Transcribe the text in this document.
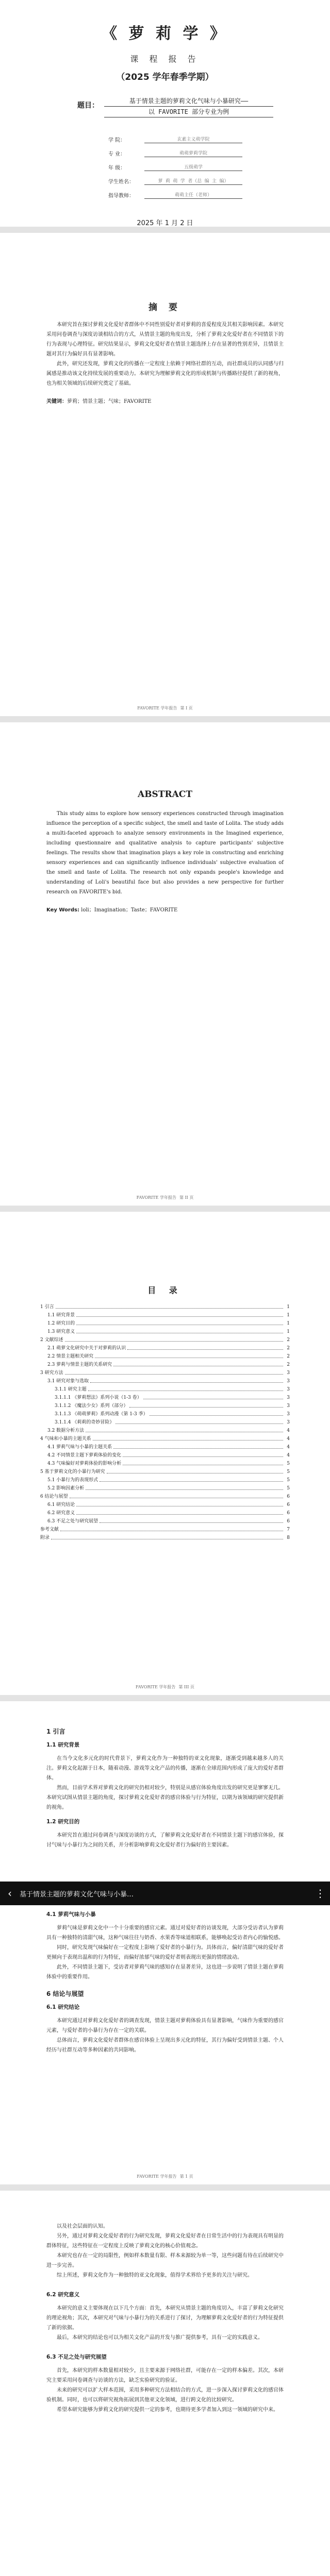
《 萝 莉 学 》
课 程 报 告
（2025 学年春季学期）
题目：
基于情景主题的萝莉文化气味与小暴研究——
以 FAVORITE 部分专业为例
学 院：	玄素主义萌学院
专 业：	萌萌萝莉学院
年 级：	五级萌学
学生姓名：	萝 莉 萌 学 者（总 编 主 编）
指导教师：	萌萌主任（老师）
2025 年 1 月 2 日
摘 要

本研究旨在探讨萝莉文化爱好者群体中不同性别爱好者对萝莉的喜爱程度及其相关影响因素。本研究采用问卷调查与深度访谈相结合的方式，从情景主题的角度出发，分析了萝莉文化爱好者在不同情景下的行为表现与心理特征。研究结果显示，萝莉文化爱好者在情景主题选择上存在显著的性别差异，且情景主题对其行为偏好具有显著影响。

此外，研究还发现，萝莉文化的传播在一定程度上依赖于网络社群的互动，而社群成员的认同感与归属感是推动该文化持续发展的重要动力。本研究为理解萝莉文化的形成机制与传播路径提供了新的视角，也为相关领域的后续研究奠定了基础。

关键词：萝莉；情景主题；气味；FAVORITE
FAVORITE 学年报告 第 I 页
ABSTRACT

This study aims to explore how sensory experiences constructed through imagination influence the perception of a specific subject, the smell and taste of Lolita. The study adds a multi-faceted approach to analyze sensory environments in the Imagined experience, including questionnaire and qualitative analysis to capture participants' subjective feelings. The results show that imagination plays a key role in constructing and enriching sensory experiences and can significantly influence individuals' subjective evaluation of the smell and taste of Lolita. The research not only expands people's knowledge and understanding of Loli's beautiful face but also provides a new perspective for further research on FAVORITE's bid.

Key Words: loli；Imagination；Taste；FAVORITE
FAVORITE 学年报告 第 II 页
目 录
1 引言	1
1.1 研究背景	1
1.2 研究目的	1
1.3 研究意义	1
2 文献综述	2
2.1 萌萝文化研究中关于对萝莉的认识	2
2.2 情景主题相关研究	2
2.3 萝莉与情景主题的关系研究	2
3 研究方法	3
3.1 研究对象与选取	3
3.1.1 研究主题	3
3.1.1.1 《萝莉想法》系列小说（1-3 卷）	3
3.1.1.2 《魔法少女》系列（部分）	3
3.1.1.3 《萌萌萝莉》系列动漫（第 1-3 季）	3
3.1.1.4 《莉莉的奇妙冒险》	3
3.2 数据分析方法	4
4 气味和小暴的主题关系	4
4.1 萝莉气味与小暴的主题关系	4
4.2 不同情景主题下萝莉体验的变化	4
4.3 气味偏好对萝莉体验的影响分析	5
5 基于萝莉文化的小暴行为研究	5
5.1 小暴行为的表现形式	5
5.2 影响因素分析	5
6 结论与展望	6
6.1 研究结论	6
6.2 研究意义	6
6.3 不足之处与研究展望	6
参考文献	7
附录	8
FAVORITE 学年报告 第 III 页
1 引言
1.1 研究背景

在当今文化多元化的时代背景下，萝莉文化作为一种独特的亚文化现象，逐渐受到越来越多人的关注。萝莉文化起源于日本，随着动漫、游戏等文化产品的传播，逐渐在全球范围内形成了庞大的爱好者群体。

然而，目前学术界对萝莉文化的研究仍相对较少，特别是从感官体验角度出发的研究更是寥寥无几。本研究试图从情景主题的角度，探讨萝莉文化爱好者的感官体验与行为特征，以期为该领域的研究提供新的视角。

1.2 研究目的

本研究旨在通过问卷调查与深度访谈的方式，了解萝莉文化爱好者在不同情景主题下的感官体验，探讨气味与小暴行为之间的关系，并分析影响萝莉文化爱好者行为偏好的主要因素。

‹	基于情景主题的萝莉文化气味与小暴…	⋮
4.1 萝莉气味与小暴

萝莉气味是萝莉文化中一个十分重要的感官元素。通过对爱好者的访谈发现，大部分受访者认为萝莉具有一种独特的清甜气味，这种气味往往与奶香、水果香等味道相联系，能够唤起受访者内心的愉悦感。

同时，研究发现气味偏好在一定程度上影响了爱好者的小暴行为。具体而言，偏好清甜气味的爱好者更倾向于表现出温和的行为特征，而偏好浓郁气味的爱好者则表现出更强的情绪波动。

此外，不同情景主题下，受访者对萝莉气味的感知存在显著差异，这也进一步说明了情景主题在萝莉体验中的重要作用。

6 结论与展望
6.1 研究结论

本研究通过对萝莉文化爱好者的调查发现，情景主题对萝莉体验具有显著影响，气味作为重要的感官元素，与爱好者的小暴行为存在一定的关联。

总体而言，萝莉文化爱好者群体在感官体验上呈现出多元化的特征，其行为偏好受到情景主题、个人经历与社群互动等多种因素的共同影响。

FAVORITE 学年报告 第 1 页

以及社会层面的认知。

另外，通过对萝莉文化爱好者的行为研究发现，萝莉文化爱好者在日常生活中的行为表现具有明显的群体特征，这些特征在一定程度上反映了萝莉文化的核心价值观念。

本研究也存在一定的局限性，例如样本数量有限、样本来源较为单一等，这些问题有待在后续研究中进一步完善。

综上所述，萝莉文化作为一种独特的亚文化现象，值得学术界给予更多的关注与研究。

6.2 研究意义

本研究的意义主要体现在以下几个方面：首先，本研究从情景主题的角度切入，丰富了萝莉文化研究的理论视角；其次，本研究对气味与小暴行为的关系进行了探讨，为理解萝莉文化爱好者的行为特征提供了新的依据。

最后，本研究的结论也可以为相关文化产品的开发与推广提供参考，具有一定的实践意义。

6.3 不足之处与研究展望

首先，本研究的样本数量相对较少，且主要来源于网络社群，可能存在一定的样本偏差。其次，本研究主要采用问卷调查与访谈的方法，缺乏实验研究的验证。

未来的研究可以扩大样本范围，采用多种研究方法相结合的方式，进一步深入探讨萝莉文化的感官体验机制。同时，也可以将研究视角拓展到其他亚文化领域，进行跨文化的比较研究。

希望本研究能够为萝莉文化的研究提供一定的参考，也期待更多学者加入到这一领域的研究中来。
